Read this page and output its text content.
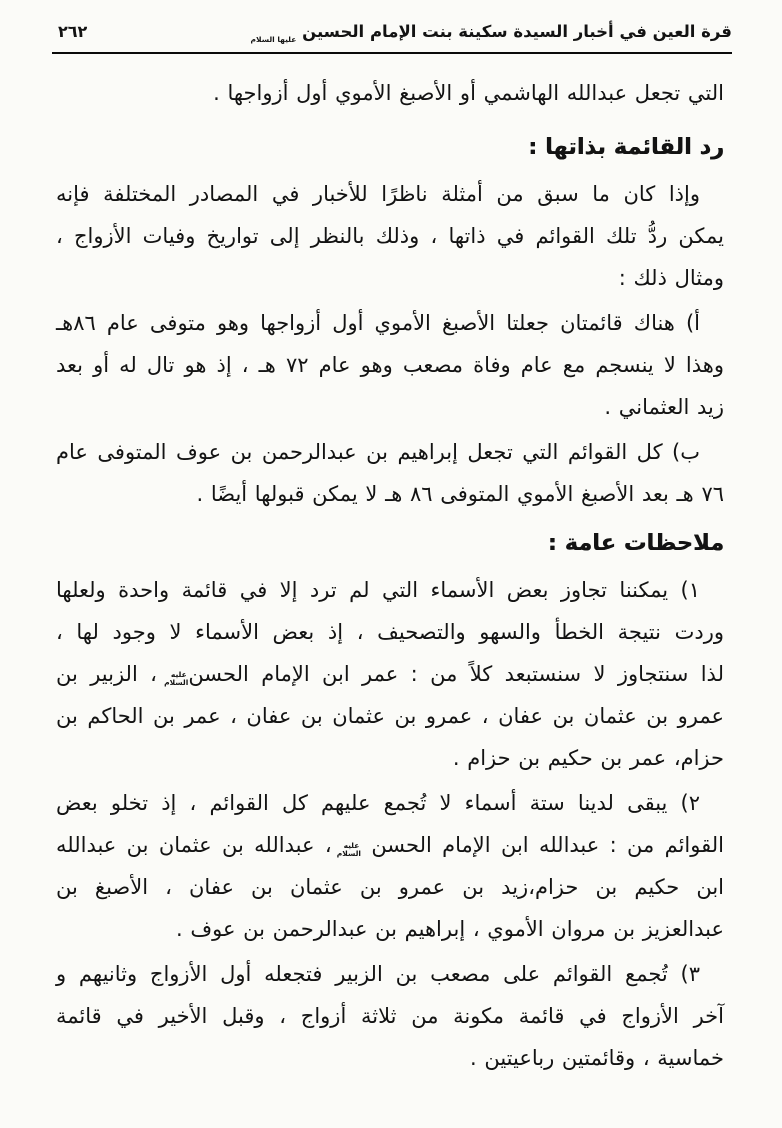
قرة العين في أخبار السيدة سكينة بنت الإمام الحسين عليها السلام
٢٦٢
التي تجعل عبدالله الهاشمي أو الأصبغ الأموي أول أزواجها .
رد القائمة بذاتها :

وإذا كان ما سبق من أمثلة ناظرًا للأخبار في المصادر المختلفة فإنه
يمكن ردُّ تلك القوائم في ذاتها ، وذلك بالنظر إلى تواريخ وفيات الأزواج ،
ومثال ذلك :

أ) هناك قائمتان جعلتا الأصبغ الأموي أول أزواجها وهو متوفى عام ٨٦هـ
وهذا لا ينسجم مع عام وفاة مصعب وهو عام ٧٢ هـ ، إذ هو تال له أو بعد
زيد العثماني .

ب) كل القوائم التي تجعل إبراهيم بن عبدالرحمن بن عوف المتوفى عام
٧٦ هـ بعد الأصبغ الأموي المتوفى ٨٦ هـ لا يمكن قبولها أيضًا .

ملاحظات عامة :

١) يمكننا تجاوز بعض الأسماء التي لم ترد إلا في قائمة واحدة ولعلها
وردت نتيجة الخطأ والسهو والتصحيف ، إذ بعض الأسماء لا وجود لها ،
لذا سنتجاوز لا سنستبعد كلاً من : عمر ابن الإمام الحسنعليه السلام ، الزبير بن
عمرو بن عثمان بن عفان ، عمرو بن عثمان بن عفان ، عمر بن الحاكم بن
حزام، عمر بن حكيم بن حزام .

٢) يبقى لدينا ستة أسماء لا تُجمع عليهم كل القوائم ، إذ تخلو بعض
القوائم من : عبدالله ابن الإمام الحسن عليه السلام ، عبدالله بن عثمان بن عبدالله
ابن حكيم بن حزام،زيد بن عمرو بن عثمان بن عفان ، الأصبغ بن
عبدالعزيز بن مروان الأموي ، إبراهيم بن عبدالرحمن بن عوف .

٣) تُجمع القوائم على مصعب بن الزبير فتجعله أول الأزواج وثانيهم و
آخر الأزواج في قائمة مكونة من ثلاثة أزواج ، وقبل الأخير في قائمة
خماسية ، وقائمتين رباعيتين .
